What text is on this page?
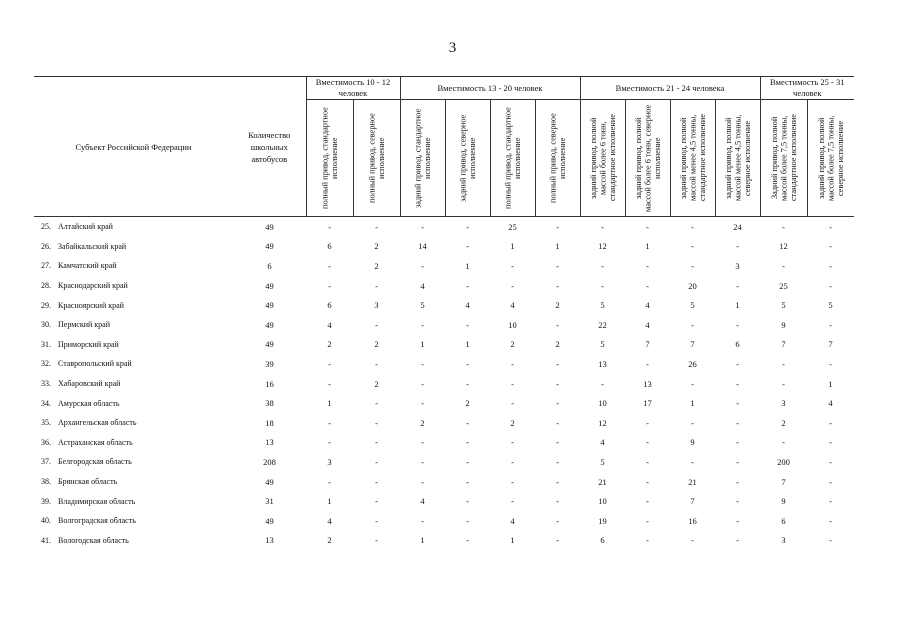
3
Субъект Российской Федерации		Количество школьных автобусов	Вместимость 10 - 12 человек		Вместимость 13 - 20 человек				Вместимость 21 - 24 человека				Вместимость 25 - 31 человек	

			полный привод, стандартное исполнение	полный привод, северное исполнение	задний привод, стандартное исполнение	задний привод, северное исполнение	полный привод, стандартное исполнение	полный привод, северное исполнение	задний привод, полной массой более 6 тонн, стандартное исполнение	задний привод, полной массой более 6 тонн, северное исполнение	задний привод, полной массой менее 4,5 тонны, стандартное исполнение	задний привод, полной массой менее 4,5 тонны, северное исполнение	Задний привод, полной массой более 7,5 тонны, стандартное исполнение	задний привод, полной массой более 7,5 тонны, северное исполнение

25.	Алтайский край	49	-	-	-	-	25	-	-	-	-	24	-	-
26.	Забайкальский край	49	6	2	14	-	1	1	12	1	-	-	12	-
27.	Камчатский край	6	-	2	-	1	-	-	-	-	-	3	-	-
28.	Краснодарский край	49	-	-	4	-	-	-	-	-	20	-	25	-
29.	Красноярский край	49	6	3	5	4	4	2	5	4	5	1	5	5
30.	Пермский край	49	4	-	-	-	10	-	22	4	-	-	9	-
31.	Приморский край	49	2	2	1	1	2	2	5	7	7	6	7	7
32.	Ставропольский край	39	-	-	-	-	-	-	13	-	26	-	-	-
33.	Хабаровский край	16	-	2	-	-	-	-	-	13	-	-	-	1
34.	Амурская область	38	1	-	-	2	-	-	10	17	1	-	3	4
35.	Архангельская область	18	-	-	2	-	2	-	12	-	-	-	2	-
36.	Астраханская область	13	-	-	-	-	-	-	4	-	9	-	-	-
37.	Белгородская область	208	3	-	-	-	-	-	5	-	-	-	200	-
38.	Брянская область	49	-	-	-	-	-	-	21	-	21	-	7	-
39.	Владимирская область	31	1	-	4	-	-	-	10	-	7	-	9	-
40.	Волгоградская область	49	4	-	-	-	4	-	19	-	16	-	6	-
41.	Вологодская область	13	2	-	1	-	1	-	6	-	-	-	3	-
